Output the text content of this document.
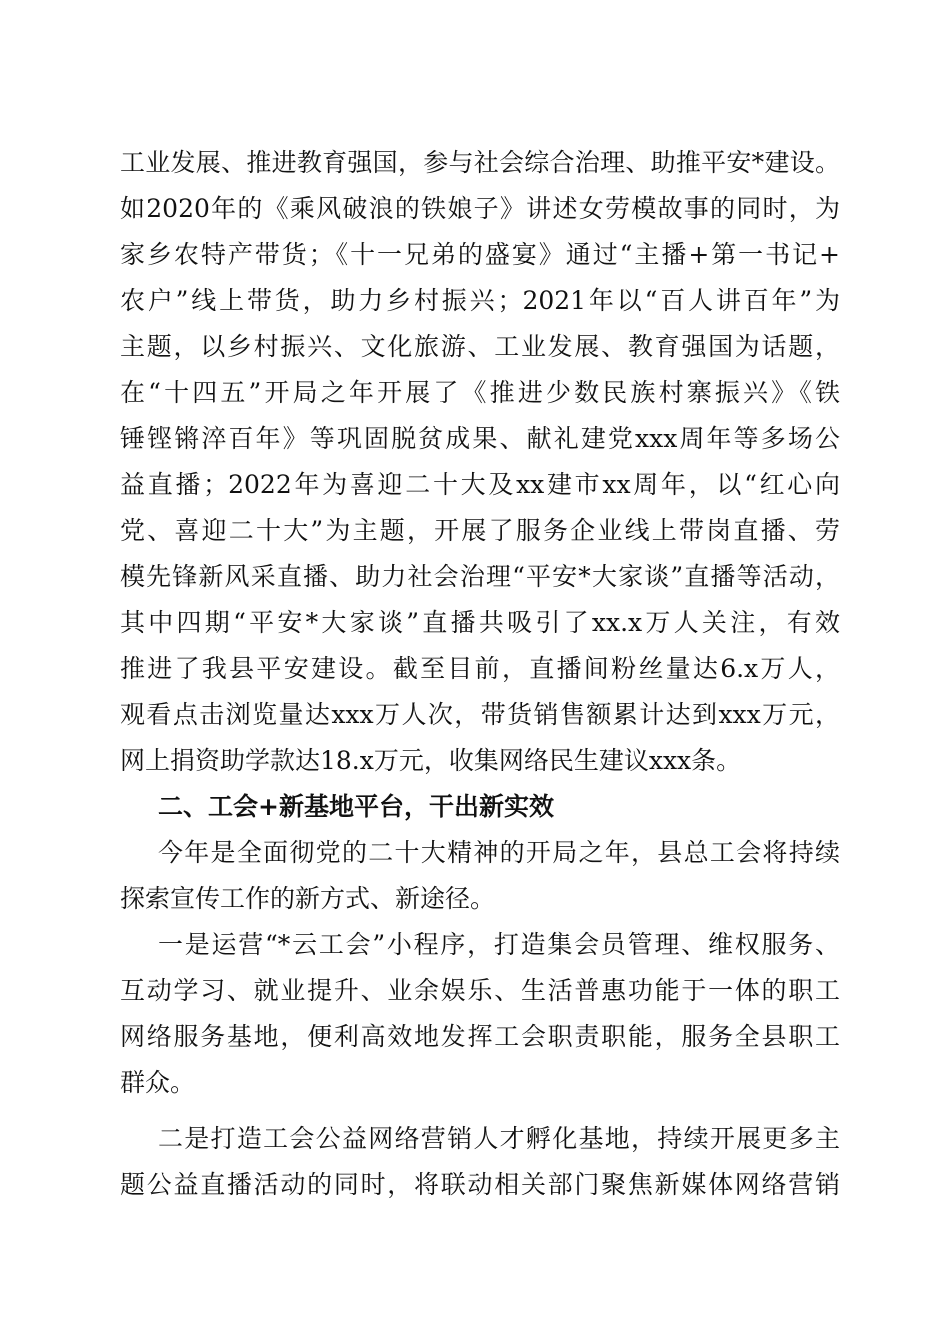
工业发展、推进教育强国，参与社会综合治理、助推平安*建设。
如2020年的《乘风破浪的铁娘子》讲述女劳模故事的同时，为
家乡农特产带货；《十一兄弟的盛宴》通过“主播+第一书记+
农户”线上带货，助力乡村振兴；2021年以“百人讲百年”为
主题，以乡村振兴、文化旅游、工业发展、教育强国为话题，
在“十四五”开局之年开展了《推进少数民族村寨振兴》《铁
锤铿锵淬百年》等巩固脱贫成果、献礼建党xxx周年等多场公
益直播；2022年为喜迎二十大及xx建市xx周年，以“红心向
党、喜迎二十大”为主题，开展了服务企业线上带岗直播、劳
模先锋新风采直播、助力社会治理“平安*大家谈”直播等活动，
其中四期“平安*大家谈”直播共吸引了xx.x万人关注，有效
推进了我县平安建设。截至目前，直播间粉丝量达6.x万人，
观看点击浏览量达xxx万人次，带货销售额累计达到xxx万元，
网上捐资助学款达18.x万元，收集网络民生建议xxx条。
二、工会+新基地平台，干出新实效
今年是全面彻党的二十大精神的开局之年，县总工会将持续
探索宣传工作的新方式、新途径。
一是运营“*云工会”小程序，打造集会员管理、维权服务、
互动学习、就业提升、业余娱乐、生活普惠功能于一体的职工
网络服务基地，便利高效地发挥工会职责职能，服务全县职工
群众。
二是打造工会公益网络营销人才孵化基地，持续开展更多主
题公益直播活动的同时，将联动相关部门聚焦新媒体网络营销
